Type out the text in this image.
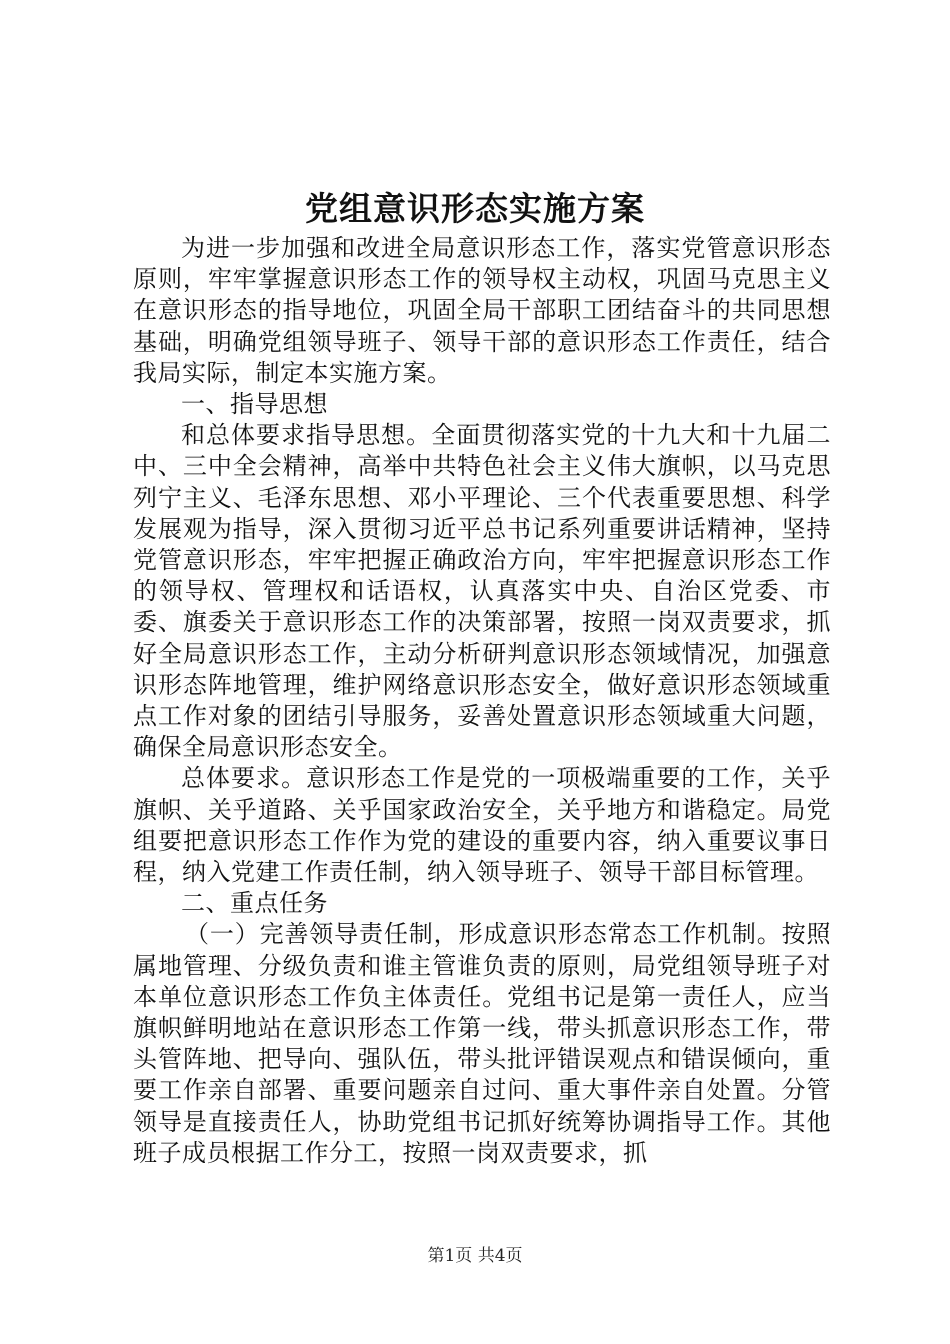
党组意识形态实施方案

为进一步加强和改进全局意识形态工作，落实党管意识形态原则，牢牢掌握意识形态工作的领导权主动权，巩固马克思主义在意识形态的指导地位，巩固全局干部职工团结奋斗的共同思想基础，明确党组领导班子、领导干部的意识形态工作责任，结合我局实际，制定本实施方案。

一、指导思想

和总体要求指导思想。全面贯彻落实党的十九大和十九届二中、三中全会精神，高举中共特色社会主义伟大旗帜，以马克思列宁主义、毛泽东思想、邓小平理论、三个代表重要思想、科学发展观为指导，深入贯彻习近平总书记系列重要讲话精神，坚持党管意识形态，牢牢把握正确政治方向，牢牢把握意识形态工作的领导权、管理权和话语权，认真落实中央、自治区党委、市委、旗委关于意识形态工作的决策部署，按照一岗双责要求，抓好全局意识形态工作，主动分析研判意识形态领域情况，加强意识形态阵地管理，维护网络意识形态安全，做好意识形态领域重点工作对象的团结引导服务，妥善处置意识形态领域重大问题，确保全局意识形态安全。

总体要求。意识形态工作是党的一项极端重要的工作，关乎旗帜、关乎道路、关乎国家政治安全，关乎地方和谐稳定。局党组要把意识形态工作作为党的建设的重要内容，纳入重要议事日程，纳入党建工作责任制，纳入领导班子、领导干部目标管理。

二、重点任务

（一）完善领导责任制，形成意识形态常态工作机制。按照属地管理、分级负责和谁主管谁负责的原则，局党组领导班子对本单位意识形态工作负主体责任。党组书记是第一责任人，应当旗帜鲜明地站在意识形态工作第一线，带头抓意识形态工作，带头管阵地、把导向、强队伍，带头批评错误观点和错误倾向，重要工作亲自部署、重要问题亲自过问、重大事件亲自处置。分管领导是直接责任人，协助党组书记抓好统筹协调指导工作。其他班子成员根据工作分工，按照一岗双责要求，抓

第1页 共4页
